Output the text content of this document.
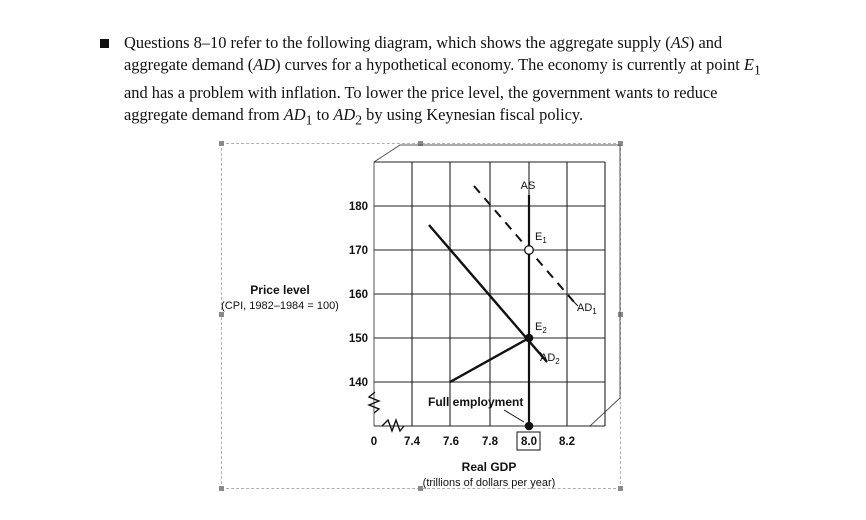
Questions 8–10 refer to the following diagram, which shows the aggregate supply (AS) and
aggregate demand (AD) curves for a hypothetical economy. The economy is currently at point $E_1$
and has a problem with inflation. To lower the price level, the government wants to reduce
aggregate demand from $AD_1$ to $AD_2$ by using Keynesian fiscal policy.
180
170
160
150
140
0 7.4 7.6 7.8 8.0 8.2
Price level
(CPI, 1982–1984 = 100)
Real GDP
(trillions of dollars per year)
AS
$E_1$
$E_2$
$AD_1$
$AD_2$
Full employment
